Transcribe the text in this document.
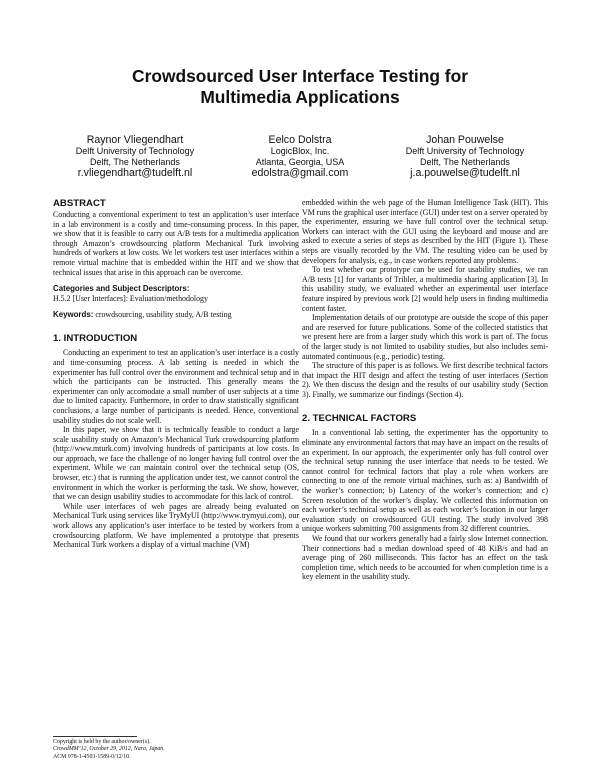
Crowdsourced User Interface Testing for
Multimedia Applications
Raynor Vliegendhart
Delft University of Technology
Delft, The Netherlands
r.vliegendhart@tudelft.nl
Eelco Dolstra
LogicBlox, Inc.
Atlanta, Georgia, USA
edolstra@gmail.com
Johan Pouwelse
Delft University of Technology
Delft, The Netherlands
j.a.pouwelse@tudelft.nl
ABSTRACT

Conducting a conventional experiment to test an application’s user interface in a lab environment is a costly and time-consuming process. In this paper, we show that it is feasible to carry out A/B tests for a multimedia application through Amazon’s crowdsourcing platform Mechanical Turk involving hundreds of workers at low costs. We let workers test user interfaces within a remote virtual machine that is embedded within the HIT and we show that technical issues that arise in this approach can be overcome.

Categories and Subject Descriptors:

H.5.2 [User Interfaces]: Evaluation/methodology

Keywords: crowdsourcing, usability study, A/B testing

1. INTRODUCTION

Conducting an experiment to test an application’s user interface is a costly and time-consuming process. A lab setting is needed in which the experimenter has full control over the environment and technical setup and in which the participants can be instructed. This generally means the experimenter can only accomodate a small number of user subjects at a time due to limited capacity. Furthermore, in order to draw statistically significant conclusions, a large number of participants is needed. Hence, conventional usability studies do not scale well.

In this paper, we show that it is technically feasible to conduct a large scale usability study on Amazon’s Mechanical Turk crowdsourcing platform (http://www.mturk.com) involving hundreds of participants at low costs. In our approach, we face the challenge of no longer having full control over the experiment. While we can maintain control over the technical setup (OS, browser, etc.) that is running the application under test, we cannot control the environment in which the worker is performing the task. We show, however, that we can design usability studies to accommodate for this lack of control.

While user interfaces of web pages are already being evaluated on Mechanical Turk using services like TryMyUI (http://www.trymyui.com), our work allows any application’s user interface to be tested by workers from a crowdsourcing platform. We have implemented a prototype that presents Mechanical Turk workers a display of a virtual machine (VM)

embedded within the web page of the Human Intelligence Task (HIT). This VM runs the graphical user interface (GUI) under test on a server operated by the experimenter, ensuring we have full control over the technical setup. Workers can interact with the GUI using the keyboard and mouse and are asked to execute a series of steps as described by the HIT (Figure 1). These steps are visually recorded by the VM. The resulting video can be used by developers for analysis, e.g., in case workers reported any problems.

To test whether our prototype can be used for usability studies, we ran A/B tests [1] for variants of Tribler, a multimedia sharing application [3]. In this usability study, we evaluated whether an experimental user interface feature inspired by previous work [2] would help users in finding multimedia content faster.

Implementation details of our prototype are outside the scope of this paper and are reserved for future publications. Some of the collected statistics that we present here are from a larger study which this work is part of. The focus of the larger study is not limited to usability studies, but also includes semi-automated continuous (e.g., periodic) testing.

The structure of this paper is as follows. We first describe technical factors that impact the HIT design and affect the testing of user interfaces (Section 2). We then discuss the design and the results of our usability study (Section 3). Finally, we summarize our findings (Section 4).

2. TECHNICAL FACTORS

In a conventional lab setting, the experimenter has the opportunity to eliminate any environmental factors that may have an impact on the results of an experiment. In our approach, the experimenter only has full control over the technical setup running the user interface that needs to be tested. We cannot control for technical factors that play a role when workers are connecting to one of the remote virtual machines, such as: a) Bandwidth of the worker’s connection; b) Latency of the worker’s connection; and c) Screen resolution of the worker’s display. We collected this information on each worker’s technical setup as well as each worker’s location in our larger evaluation study on crowdsourced GUI testing. The study involved 398 unique workers submitting 700 assignments from 32 different countries.

We found that our workers generally had a fairly slow Internet connection. Their connections had a median download speed of 48 KiB/s and had an average ping of 260 milliseconds. This factor has an effect on the task completion time, which needs to be accounted for when completion time is a key element in the usability study.

Copyright is held by the author/owner(s).
CrowdMM’12, October 29, 2012, Nara, Japan.
ACM 978-1-4503-1589-0/12/10.
